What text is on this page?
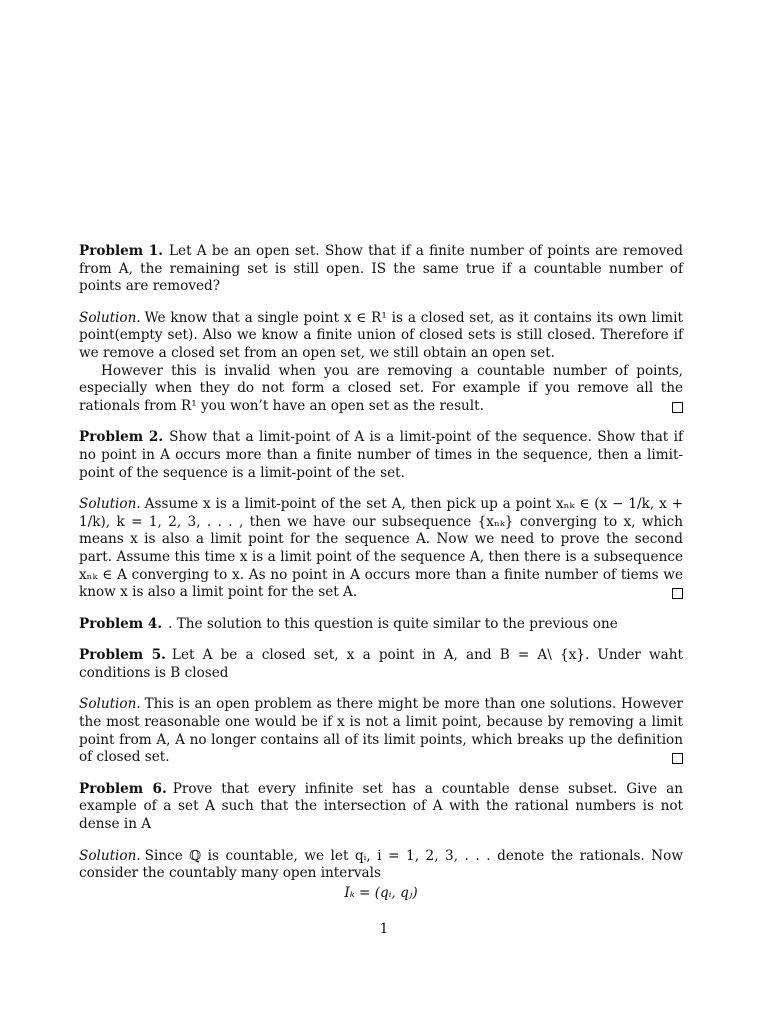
Problem 1. Let A be an open set. Show that if a finite number of points are removed from A, the remaining set is still open. IS the same true if a countable number of points are removed?

Solution. We know that a single point x ∈ R¹ is a closed set, as it contains its own limit point(empty set). Also we know a finite union of closed sets is still closed. Therefore if we remove a closed set from an open set, we still obtain an open set.

However this is invalid when you are removing a countable number of points, especially when they do not form a closed set. For example if you remove all the rationals from R¹ you won’t have an open set as the result.

Problem 2. Show that a limit-point of A is a limit-point of the sequence. Show that if no point in A occurs more than a finite number of times in the sequence, then a limit-point of the sequence is a limit-point of the set.

Solution. Assume x is a limit-point of the set A, then pick up a point xₙₖ ∈ (x − 1/k, x + 1/k), k = 1, 2, 3, . . . , then we have our subsequence {xₙₖ} converging to x, which means x is also a limit point for the sequence A. Now we need to prove the second part. Assume this time x is a limit point of the sequence A, then there is a subsequence xₙₖ ∈ A converging to x. As no point in A occurs more than a finite number of tiems we know x is also a limit point for the set A.

Problem 4. . The solution to this question is quite similar to the previous one

Problem 5. Let A be a closed set, x a point in A, and B = A\ {x}. Under waht conditions is B closed

Solution. This is an open problem as there might be more than one solutions. However the most reasonable one would be if x is not a limit point, because by removing a limit point from A, A no longer contains all of its limit points, which breaks up the definition of closed set.

Problem 6. Prove that every infinite set has a countable dense subset. Give an example of a set A such that the intersection of A with the rational numbers is not dense in A

Solution. Since ℚ is countable, we let qᵢ, i = 1, 2, 3, . . . denote the rationals. Now consider the countably many open intervals

Iₖ = (qᵢ, qⱼ)
1
